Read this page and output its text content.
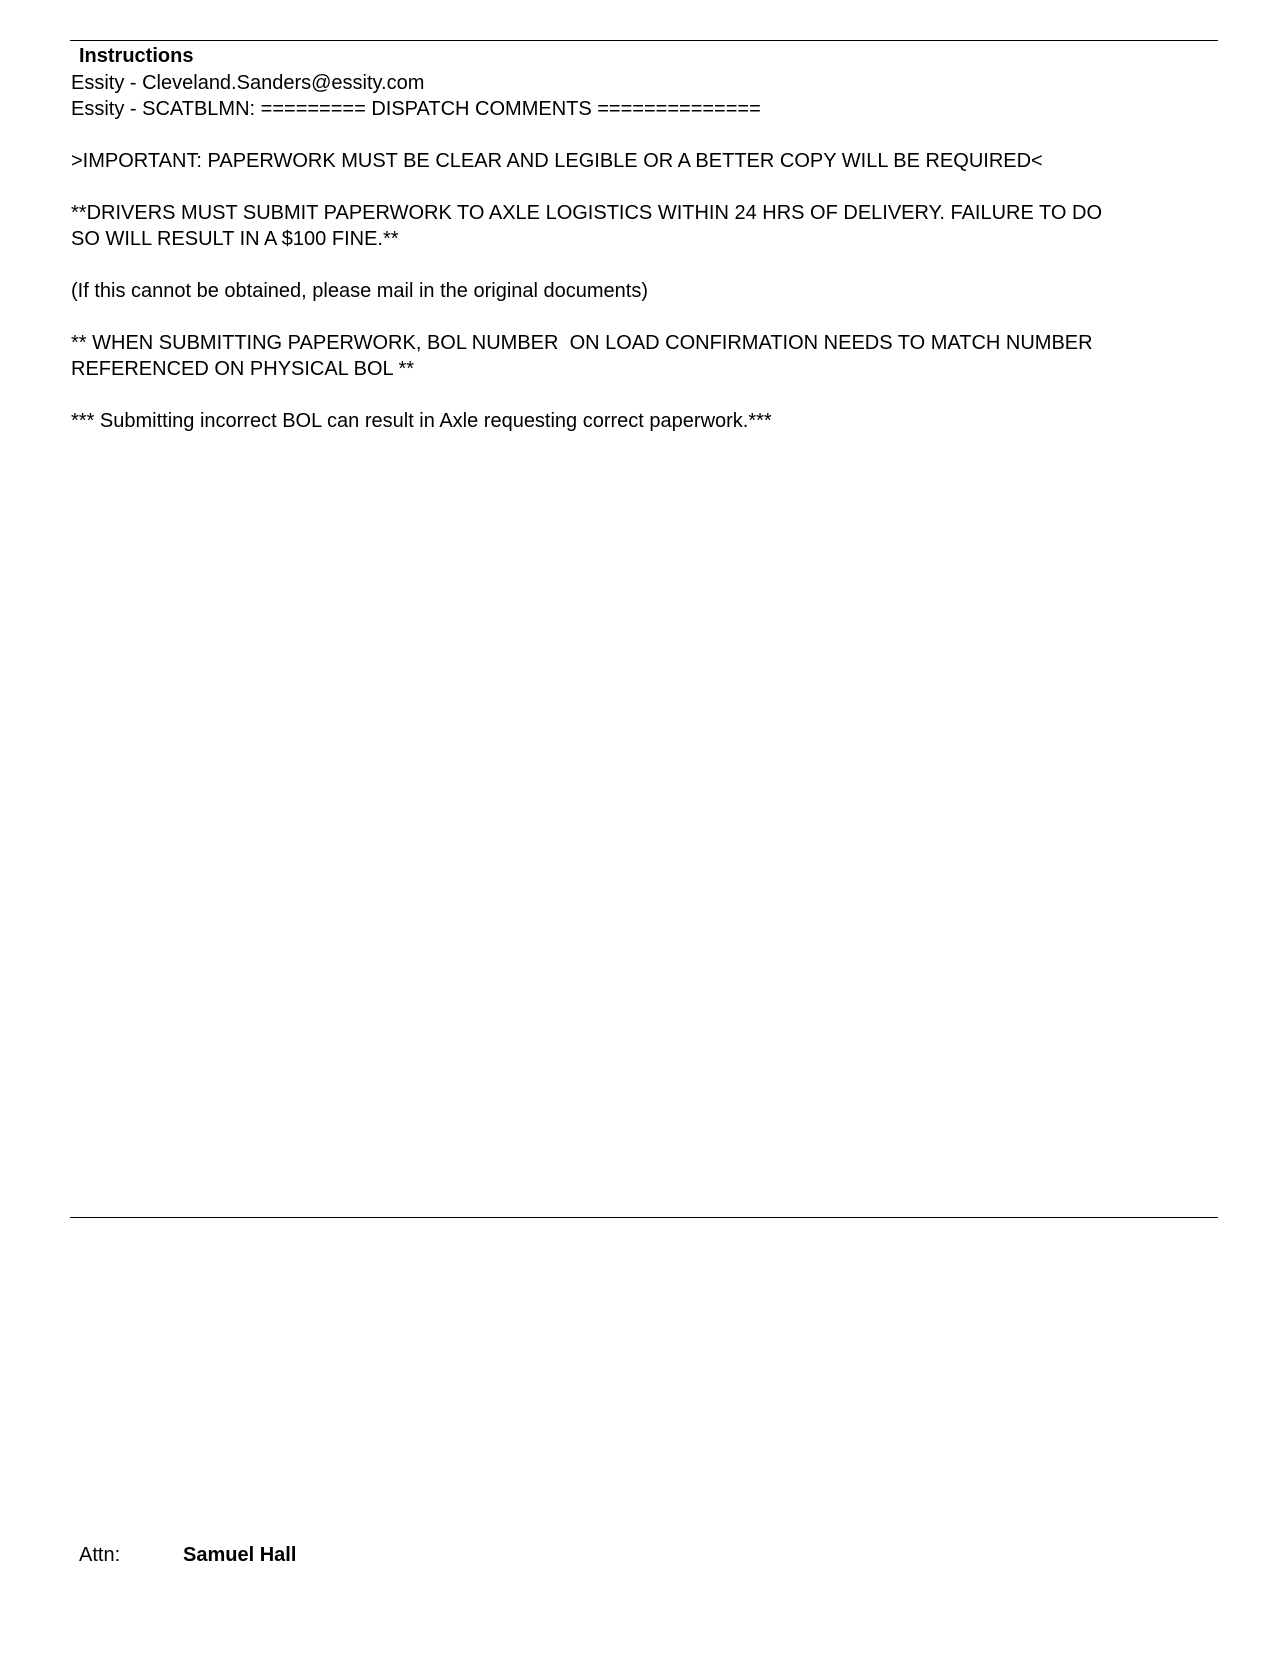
Instructions
Essity - Cleveland.Sanders@essity.com
Essity - SCATBLMN: ========= DISPATCH COMMENTS ==============
>IMPORTANT: PAPERWORK MUST BE CLEAR AND LEGIBLE OR A BETTER COPY WILL BE REQUIRED<
**DRIVERS MUST SUBMIT PAPERWORK TO AXLE LOGISTICS WITHIN 24 HRS OF DELIVERY. FAILURE TO DO
SO WILL RESULT IN A $100 FINE.**
(If this cannot be obtained, please mail in the original documents)
** WHEN SUBMITTING PAPERWORK, BOL NUMBER  ON LOAD CONFIRMATION NEEDS TO MATCH NUMBER
REFERENCED ON PHYSICAL BOL **
*** Submitting incorrect BOL can result in Axle requesting correct paperwork.***
Attn:	Samuel Hall
